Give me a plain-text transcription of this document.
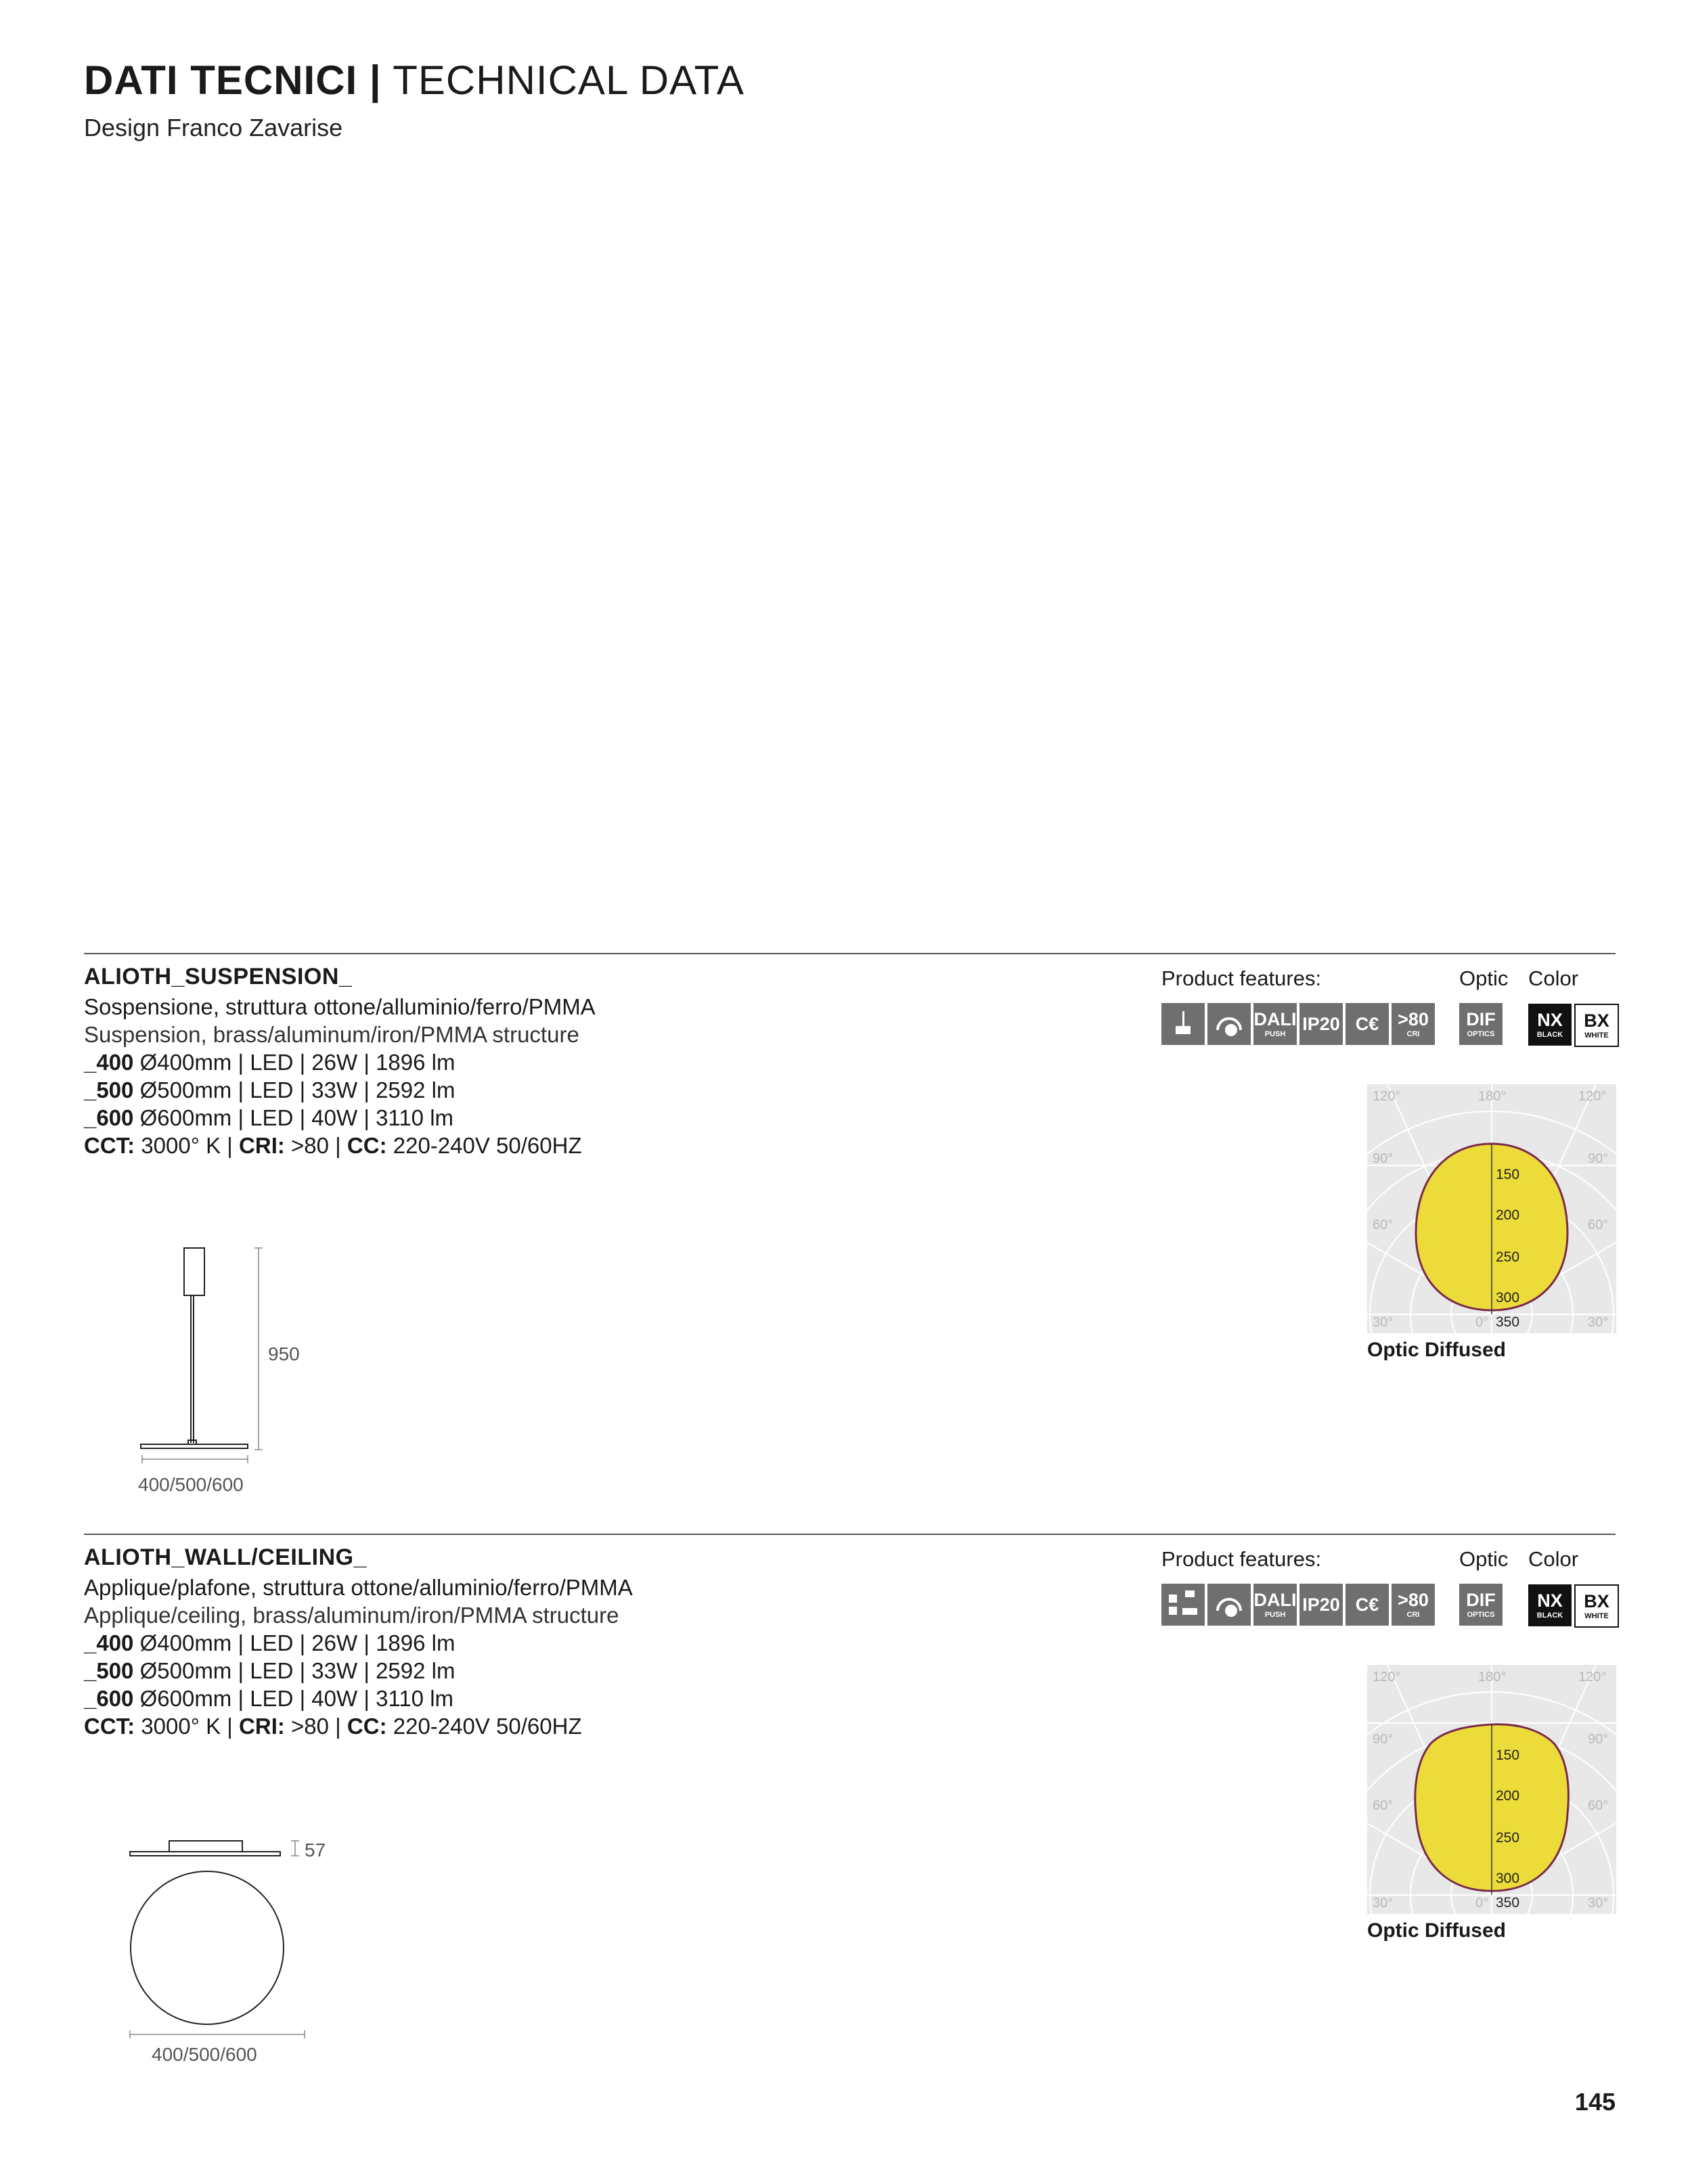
DATI TECNICI | TECHNICAL DATA
Design Franco Zavarise
ALIOTH_SUSPENSION_
Sospensione, struttura ottone/alluminio/ferro/PMMA
Suspension, brass/aluminum/iron/PMMA structure
_400 Ø400mm | LED | 26W | 1896 lm
_500 Ø500mm | LED | 33W | 2592 lm
_600 Ø600mm | LED | 40W | 3110 lm
CCT: 3000° K | CRI: >80 | CC: 220-240V 50/60HZ
Product features:	Optic Color
DALI
PUSH IP20 C€ >80
CRI
DIF
OPTICS
NX
BLACK
BX
WHITE
120°	180°	120°
90°	90°
60°	60°
30°	0°	30°
150
200
250
300
350
Optic Diffused
950
400/500/600
ALIOTH_WALL/CEILING_
Applique/plafone, struttura ottone/alluminio/ferro/PMMA
Applique/ceiling, brass/aluminum/iron/PMMA structure
_400 Ø400mm | LED | 26W | 1896 lm
_500 Ø500mm | LED | 33W | 2592 lm
_600 Ø600mm | LED | 40W | 3110 lm
CCT: 3000° K | CRI: >80 | CC: 220-240V 50/60HZ
Product features:	Optic Color
DALI
PUSH IP20 C€ >80
CRI
DIF
OPTICS
NX
BLACK
BX
WHITE
120°	180°	120°
90°	90°
60°	60°
30°	0°	30°
150
200
250
300
350
Optic Diffused
57
400/500/600
145
